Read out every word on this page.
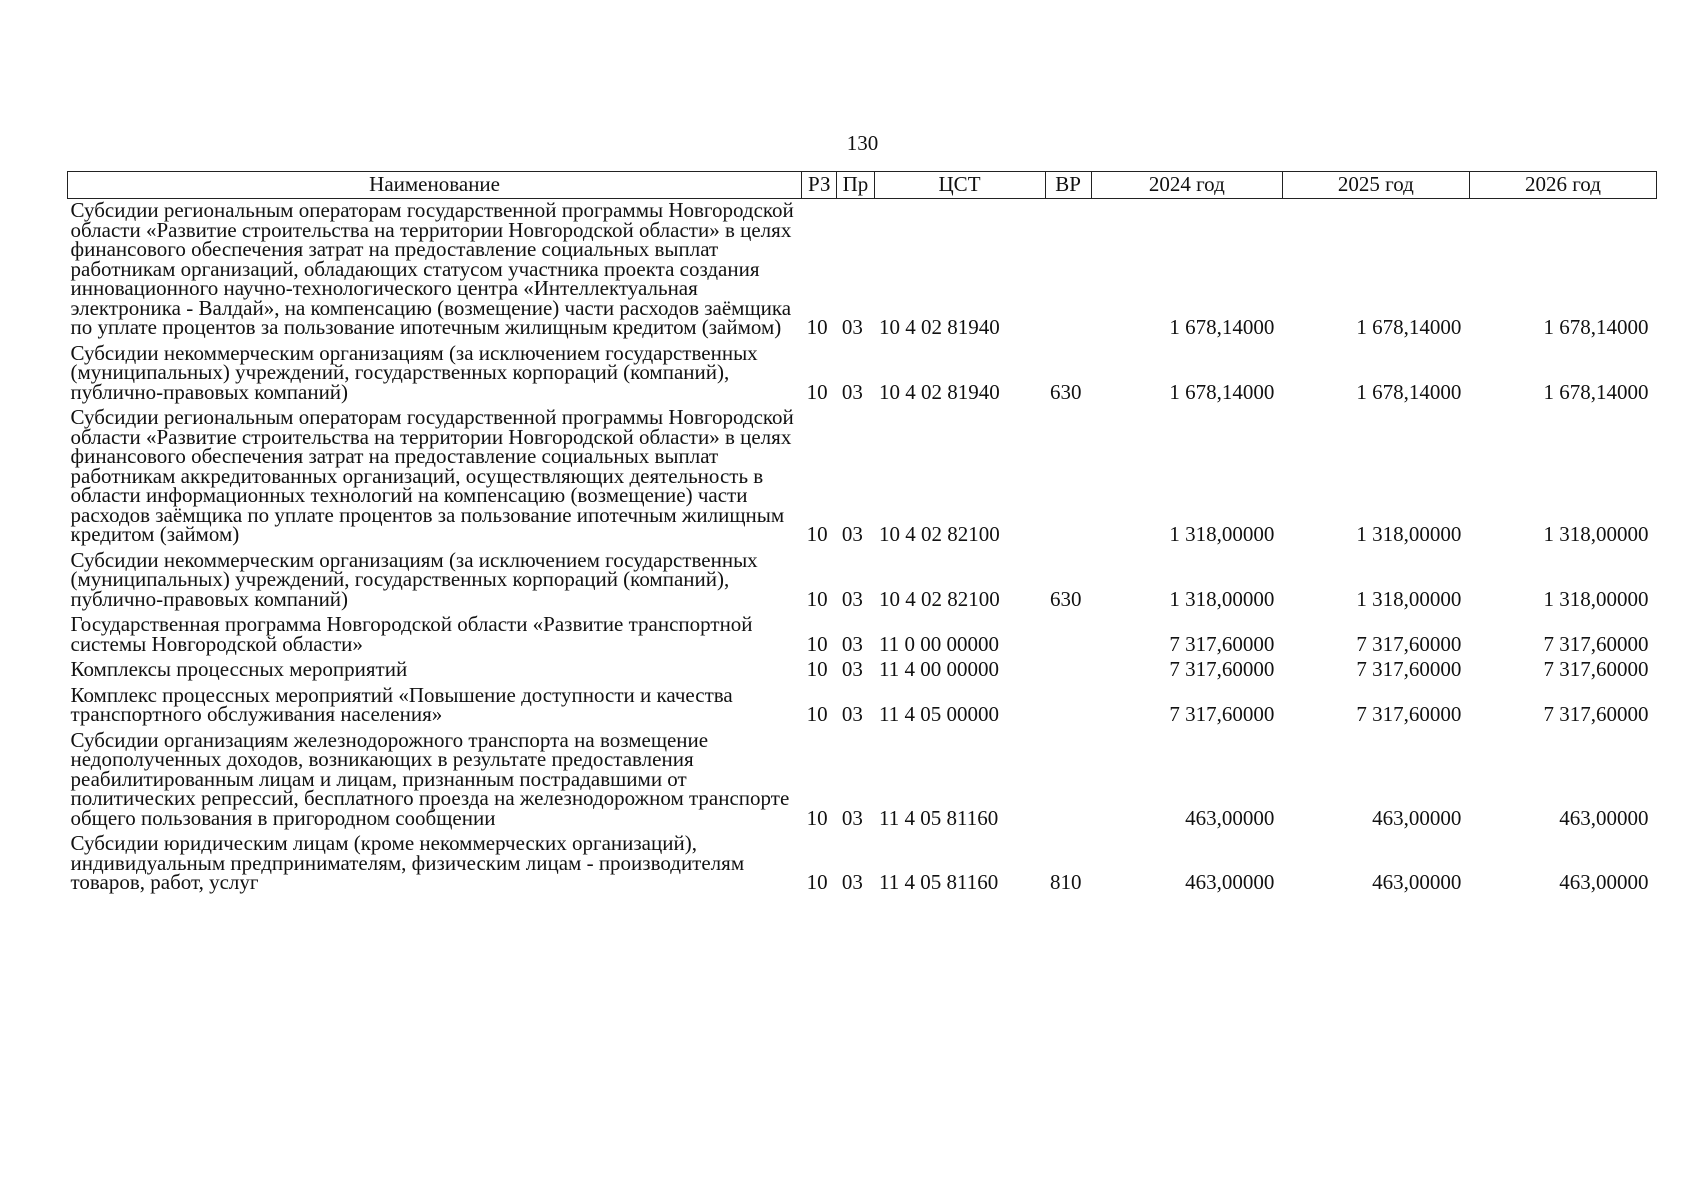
130
Наименование	РЗ	Пр	ЦСТ	ВР	2024 год	2025 год	2026 год
Субсидии региональным операторам государственной программы Новгородской области «Развитие строительства на территории Новгородской области» в целях финансового обеспечения затрат на предоставление социальных выплат работникам организаций, обладающих статусом участника проекта создания инновационного научно-технологического центра «Интеллектуальная электроника - Валдай», на компенсацию (возмещение) части расходов заёмщика по уплате процентов за пользование ипотечным жилищным кредитом (займом)	10	03	10 4 02 81940		1 678,14000	1 678,14000	1 678,14000
Субсидии некоммерческим организациям (за исключением государственных (муниципальных) учреждений, государственных корпораций (компаний), публично-правовых компаний)	10	03	10 4 02 81940	630	1 678,14000	1 678,14000	1 678,14000
Субсидии региональным операторам государственной программы Новгородской области «Развитие строительства на территории Новгородской области» в целях финансового обеспечения затрат на предоставление социальных выплат работникам аккредитованных организаций, осуществляющих деятельность в области информационных технологий на компенсацию (возмещение) части расходов заёмщика по уплате процентов за пользование ипотечным жилищным кредитом (займом)	10	03	10 4 02 82100		1 318,00000	1 318,00000	1 318,00000
Субсидии некоммерческим организациям (за исключением государственных (муниципальных) учреждений, государственных корпораций (компаний), публично-правовых компаний)	10	03	10 4 02 82100	630	1 318,00000	1 318,00000	1 318,00000
Государственная программа Новгородской области «Развитие транспортной системы Новгородской области»	10	03	11 0 00 00000		7 317,60000	7 317,60000	7 317,60000
Комплексы процессных мероприятий	10	03	11 4 00 00000		7 317,60000	7 317,60000	7 317,60000
Комплекс процессных мероприятий «Повышение доступности и качества транспортного обслуживания населения»	10	03	11 4 05 00000		7 317,60000	7 317,60000	7 317,60000
Субсидии организациям железнодорожного транспорта на возмещение недополученных доходов, возникающих в результате предоставления реабилитированным лицам и лицам, признанным пострадавшими от политических репрессий, бесплатного проезда на железнодорожном транспорте общего пользования в пригородном сообщении	10	03	11 4 05 81160		463,00000	463,00000	463,00000
Субсидии юридическим лицам (кроме некоммерческих организаций), индивидуальным предпринимателям, физическим лицам - производителям товаров, работ, услуг	10	03	11 4 05 81160	810	463,00000	463,00000	463,00000
